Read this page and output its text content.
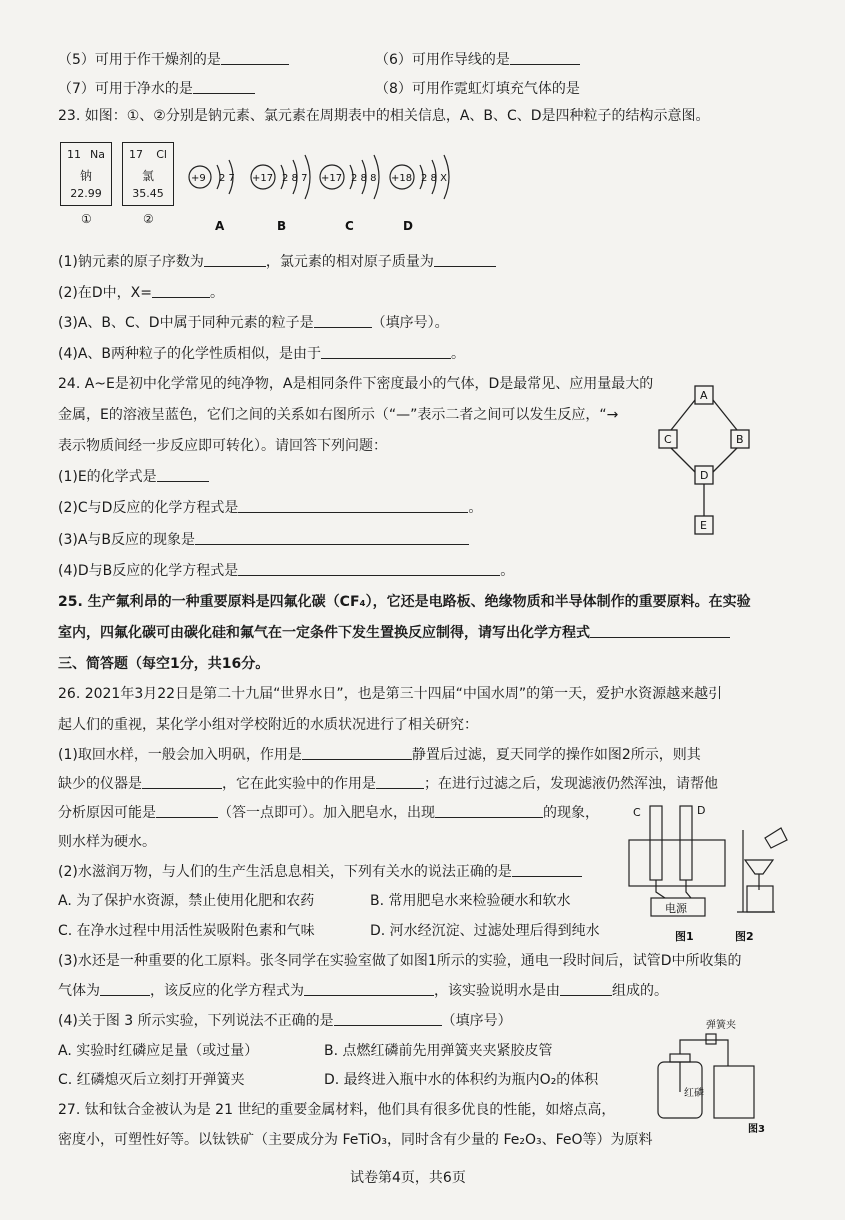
（5）可用于作干燥剂的是	（6）可用作导线的是
（7）可用于净水的是	（8）可用作霓虹灯填充气体的是
23. 如图：①、②分别是钠元素、氯元素在周期表中的相关信息，A、B、C、D是四种粒子的结构示意图。
11 Na
钠
22.99
17 Cl
氯
35.45
①	②
+9 2 7 +17 2 8 7 +17 2 8 8 +18 2 8 X
A	B	C	D
(1)钠元素的原子序数为	，氯元素的相对原子质量为
(2)在D中，X=	。
(3)A、B、C、D中属于同种元素的粒子是	（填序号）。
(4)A、B两种粒子的化学性质相似，是由于	。
24. A~E是初中化学常见的纯净物，A是相同条件下密度最小的气体，D是最常见、应用量最大的
金属，E的溶液呈蓝色，它们之间的关系如右图所示（“—”表示二者之间可以发生反应，“→
表示物质间经一步反应即可转化）。请回答下列问题：
(1)E的化学式是
(2)C与D反应的化学方程式是	。
(3)A与B反应的现象是
(4)D与B反应的化学方程式是	。
A
C	B
D
E
25. 生产氟利昂的一种重要原料是四氟化碳（CF₄），它还是电路板、绝缘物质和半导体制作的重要原料。在实验
室内，四氟化碳可由碳化硅和氟气在一定条件下发生置换反应制得，请写出化学方程式
三、简答题（每空1分，共16分。
26. 2021年3月22日是第二十九届“世界水日”，也是第三十四届“中国水周”的第一天，爱护水资源越来越引
起人们的重视，某化学小组对学校附近的水质状况进行了相关研究：
(1)取回水样，一般会加入明矾，作用是	静置后过滤，夏天同学的操作如图2所示，则其
缺少的仪器是	，它在此实验中的作用是	；在进行过滤之后，发现滤液仍然浑浊，请帮他
分析原因可能是	（答一点即可）。加入肥皂水，出现	的现象，
则水样为硬水。
(2)水滋润万物，与人们的生产生活息息相关，下列有关水的说法正确的是
A. 为了保护水资源，禁止使用化肥和农药	B. 常用肥皂水来检验硬水和软水
C. 在净水过程中用活性炭吸附色素和气味	D. 河水经沉淀、过滤处理后得到纯水
(3)水还是一种重要的化工原料。张冬同学在实验室做了如图1所示的实验，通电一段时间后，试管D中所收集的
气体为	，该反应的化学方程式为	，该实验说明水是由	组成的。
(4)关于图 3 所示实验，下列说法不正确的是	（填序号）
A. 实验时红磷应足量（或过量）	B. 点燃红磷前先用弹簧夹夹紧胶皮管
C. 红磷熄灭后立刻打开弹簧夹	D. 最终进入瓶中水的体积约为瓶内O₂的体积
C	D
电源
图1	图2
弹簧夹
红磷
图3
27. 钛和钛合金被认为是 21 世纪的重要金属材料，他们具有很多优良的性能，如熔点高，
密度小，可塑性好等。以钛铁矿（主要成分为 FeTiO₃，同时含有少量的 Fe₂O₃、FeO等）为原料
试卷第4页，共6页
